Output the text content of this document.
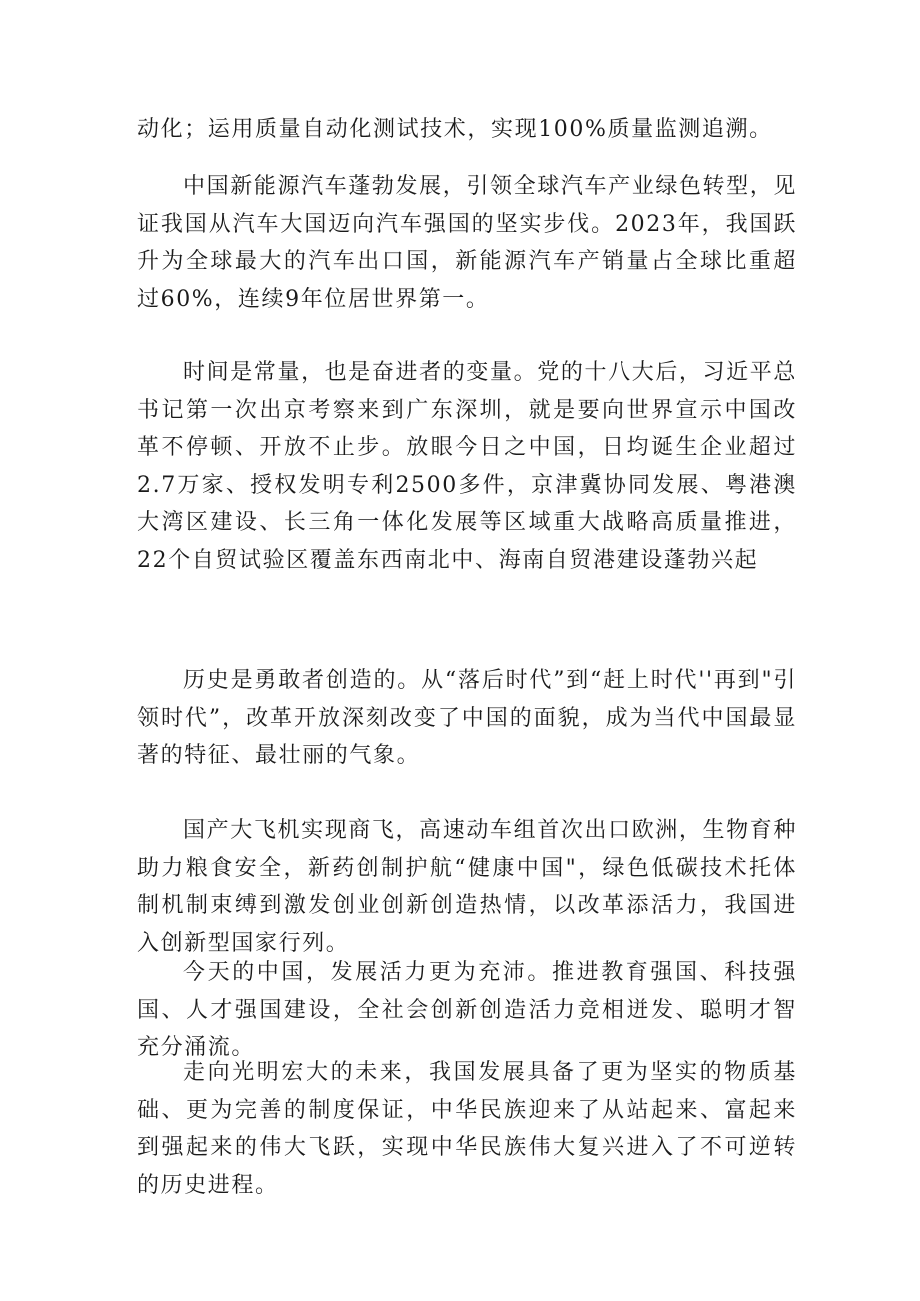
动化；运用质量自动化测试技术，实现100%质量监测追溯。

中国新能源汽车蓬勃发展，引领全球汽车产业绿色转型，见证我国从汽车大国迈向汽车强国的坚实步伐。2023年，我国跃升为全球最大的汽车出口国，新能源汽车产销量占全球比重超过60%，连续9年位居世界第一。

时间是常量，也是奋进者的变量。党的十八大后，习近平总书记第一次出京考察来到广东深圳，就是要向世界宣示中国改革不停顿、开放不止步。放眼今日之中国，日均诞生企业超过2.7万家、授权发明专利2500多件，京津冀协同发展、粤港澳大湾区建设、长三角一体化发展等区域重大战略高质量推进，22个自贸试验区覆盖东西南北中、海南自贸港建设蓬勃兴起

历史是勇敢者创造的。从“落后时代”到“赶上时代''再到"引领时代”，改革开放深刻改变了中国的面貌，成为当代中国最显著的特征、最壮丽的气象。

国产大飞机实现商飞，高速动车组首次出口欧洲，生物育种助力粮食安全，新药创制护航“健康中国"，绿色低碳技术托体制机制束缚到激发创业创新创造热情，以改革添活力，我国进入创新型国家行列。

今天的中国，发展活力更为充沛。推进教育强国、科技强国、人才强国建设，全社会创新创造活力竞相迸发、聪明才智充分涌流。

走向光明宏大的未来，我国发展具备了更为坚实的物质基础、更为完善的制度保证，中华民族迎来了从站起来、富起来到强起来的伟大飞跃，实现中华民族伟大复兴进入了不可逆转的历史进程。
